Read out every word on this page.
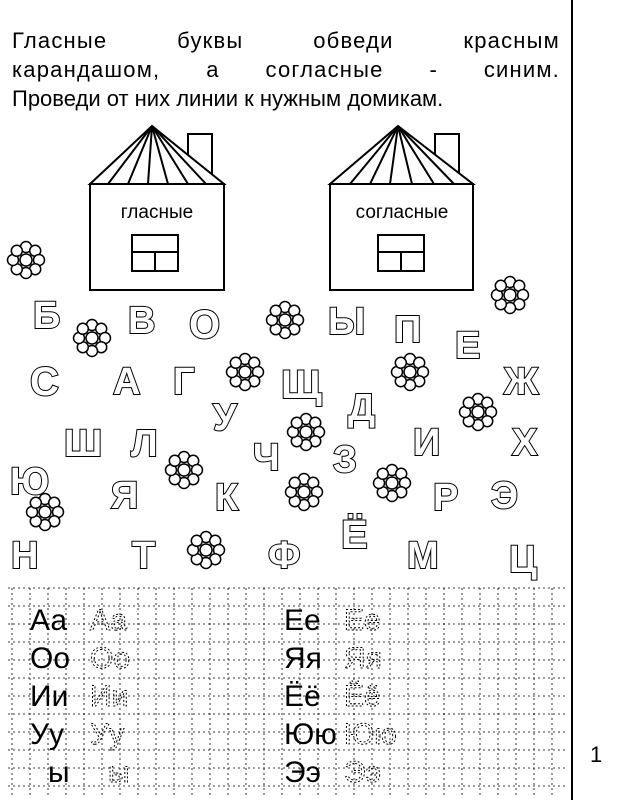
Гласные буквы обведи красным
карандашом, а согласные - синим.
Проведи от них линии к нужным домикам.
гласные	согласные
Б В О	Ы П Е
С А Г Щ	Ж
У	Д
Ш Л	Ч З И Х
Ю Я К	Р Э
Ё
Н Т	Ф	М Ц
Аа Аа
Оо Оо
Ии Ии
Уу Уу
ы ы
Ее Ее
Яя Яя
Ёё Ёё
Юю Юю
Ээ Ээ
1
